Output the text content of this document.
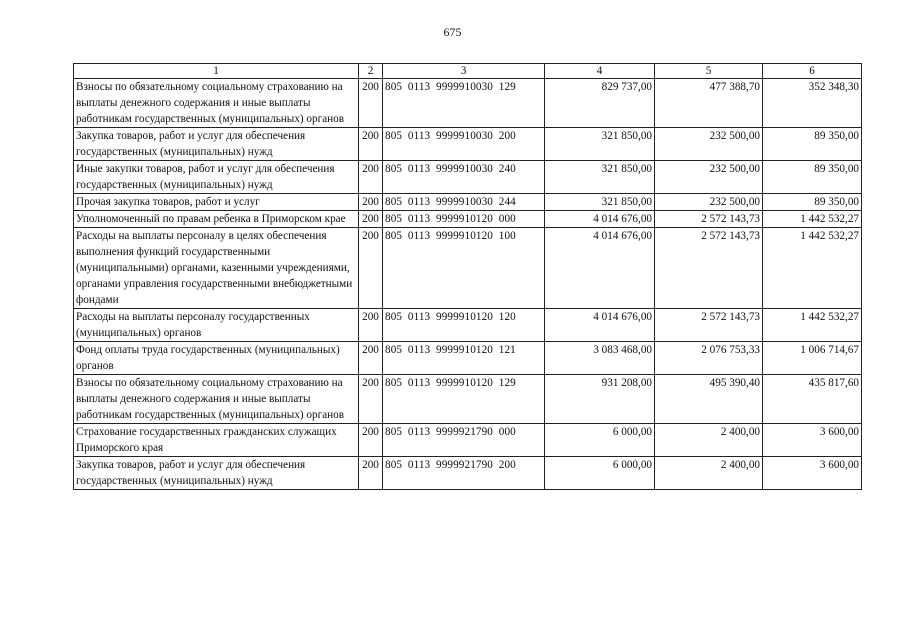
675
1	2	3	4	5	6
Взносы по обязательному социальному страхованию на выплаты денежного содержания и иные выплаты работникам государственных (муниципальных) органов	200	805  0113  9999910030  129	829 737,00	477 388,70	352 348,30
Закупка товаров, работ и услуг для обеспечения государственных (муниципальных) нужд	200	805  0113  9999910030  200	321 850,00	232 500,00	89 350,00
Иные закупки товаров, работ и услуг для обеспечения государственных (муниципальных) нужд	200	805  0113  9999910030  240	321 850,00	232 500,00	89 350,00
Прочая закупка товаров, работ и услуг	200	805  0113  9999910030  244	321 850,00	232 500,00	89 350,00
Уполномоченный по правам ребенка в Приморском крае	200	805  0113  9999910120  000	4 014 676,00	2 572 143,73	1 442 532,27
Расходы на выплаты персоналу в целях обеспечения выполнения функций государственными (муниципальными) органами, казенными учреждениями, органами управления государственными внебюджетными фондами	200	805  0113  9999910120  100	4 014 676,00	2 572 143,73	1 442 532,27
Расходы на выплаты персоналу государственных (муниципальных) органов	200	805  0113  9999910120  120	4 014 676,00	2 572 143,73	1 442 532,27
Фонд оплаты труда государственных (муниципальных) органов	200	805  0113  9999910120  121	3 083 468,00	2 076 753,33	1 006 714,67
Взносы по обязательному социальному страхованию на выплаты денежного содержания и иные выплаты работникам государственных (муниципальных) органов	200	805  0113  9999910120  129	931 208,00	495 390,40	435 817,60
Страхование государственных гражданских служащих Приморского края	200	805  0113  9999921790  000	6 000,00	2 400,00	3 600,00
Закупка товаров, работ и услуг для обеспечения государственных (муниципальных) нужд	200	805  0113  9999921790  200	6 000,00	2 400,00	3 600,00
